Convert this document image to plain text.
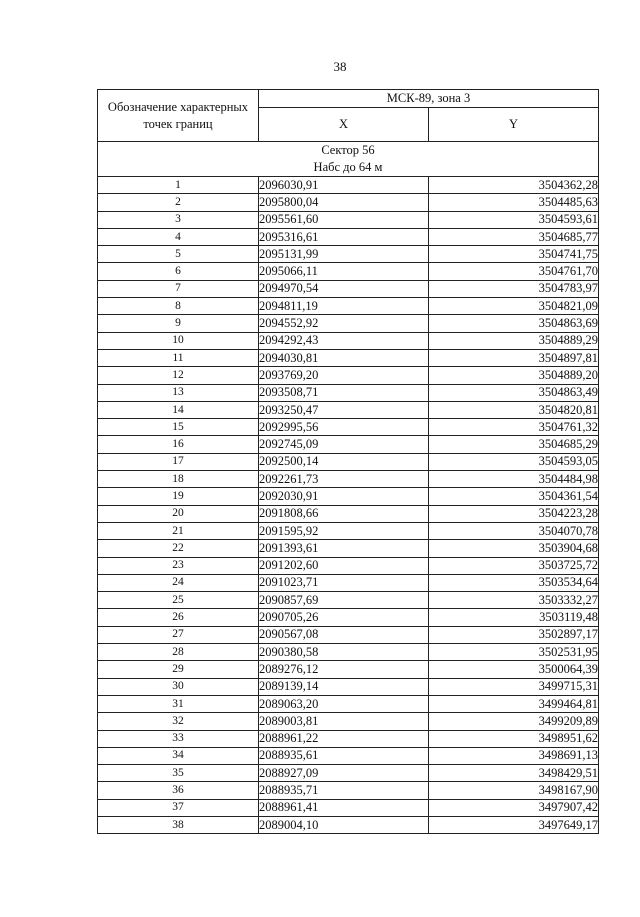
38
Обозначение характерных точек границ	МСК-89, зона 3	
	X	Y

Сектор 56
Набс до 64 м		

1	2096030,91	3504362,28
2	2095800,04	3504485,63
3	2095561,60	3504593,61
4	2095316,61	3504685,77
5	2095131,99	3504741,75
6	2095066,11	3504761,70
7	2094970,54	3504783,97
8	2094811,19	3504821,09
9	2094552,92	3504863,69
10	2094292,43	3504889,29
11	2094030,81	3504897,81
12	2093769,20	3504889,20
13	2093508,71	3504863,49
14	2093250,47	3504820,81
15	2092995,56	3504761,32
16	2092745,09	3504685,29
17	2092500,14	3504593,05
18	2092261,73	3504484,98
19	2092030,91	3504361,54
20	2091808,66	3504223,28
21	2091595,92	3504070,78
22	2091393,61	3503904,68
23	2091202,60	3503725,72
24	2091023,71	3503534,64
25	2090857,69	3503332,27
26	2090705,26	3503119,48
27	2090567,08	3502897,17
28	2090380,58	3502531,95
29	2089276,12	3500064,39
30	2089139,14	3499715,31
31	2089063,20	3499464,81
32	2089003,81	3499209,89
33	2088961,22	3498951,62
34	2088935,61	3498691,13
35	2088927,09	3498429,51
36	2088935,71	3498167,90
37	2088961,41	3497907,42
38	2089004,10	3497649,17
